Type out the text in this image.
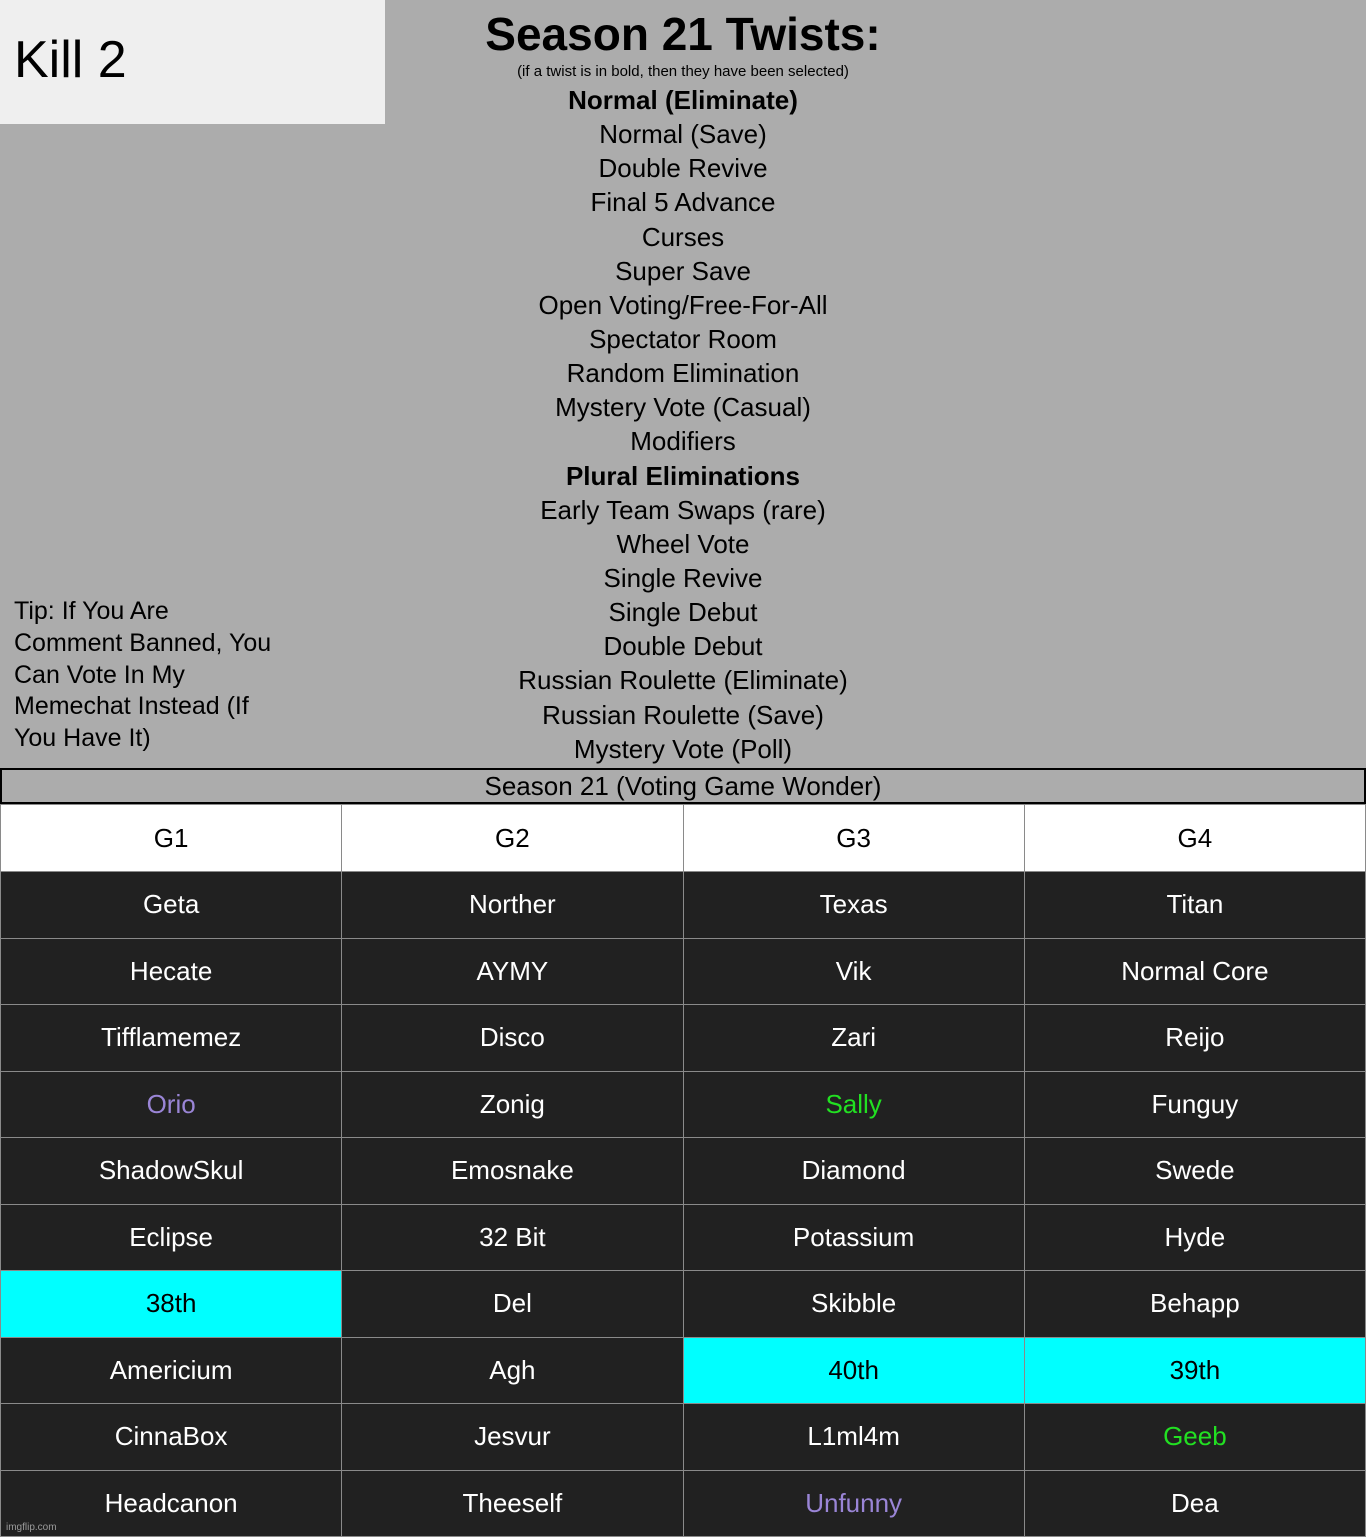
Kill 2	Season 21 Twists:
(if a twist is in bold, then they have been selected)
Normal (Eliminate)
Normal (Save)
Double Revive
Final 5 Advance
Curses
Super Save
Open Voting/Free-For-All
Spectator Room
Random Elimination
Mystery Vote (Casual)
Modifiers
Plural Eliminations
Early Team Swaps (rare)
Wheel Vote
Single Revive
Single Debut
Double Debut
Russian Roulette (Eliminate)
Russian Roulette (Save)
Mystery Vote (Poll)
Tip: If You Are Comment Banned, You Can Vote In My Memechat Instead (If You Have It)
Season 21 (Voting Game Wonder)
G1	G2	G3	G4
Geta	Norther	Texas	Titan
Hecate	AYMY	Vik	Normal Core
Tifflamemez	Disco	Zari	Reijo
Orio	Zonig	Sally	Funguy
ShadowSkul	Emosnake	Diamond	Swede
Eclipse	32 Bit	Potassium	Hyde
38th	Del	Skibble	Behapp
Americium	Agh	40th	39th
CinnaBox	Jesvur	L1ml4m	Geeb
Headcanon	Theeself	Unfunny	Dea
imgflip.com
